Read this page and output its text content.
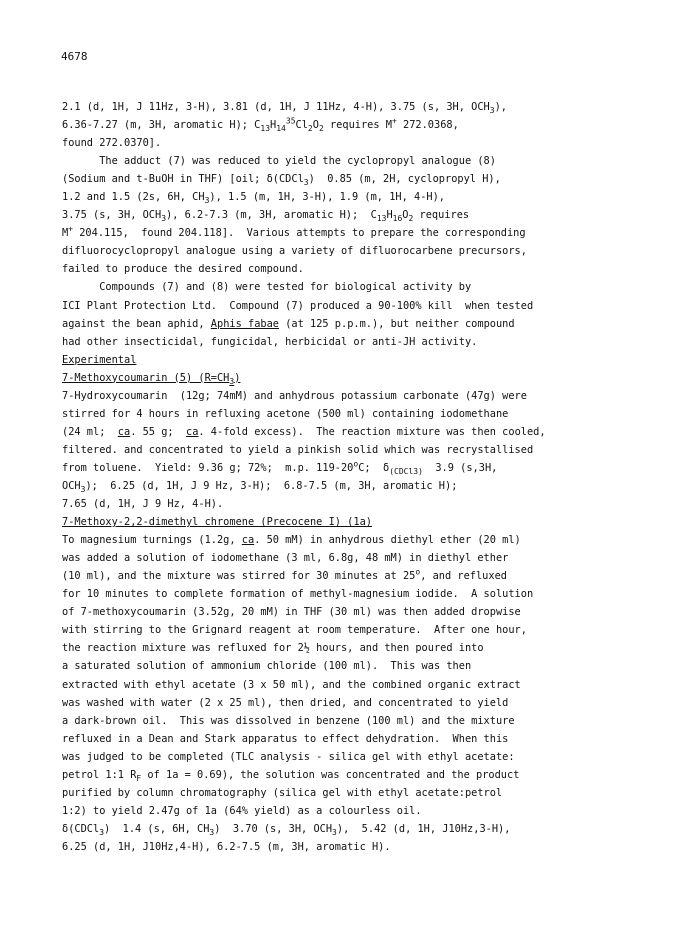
4678
2.1 (d, 1H, J 11Hz, 3-H), 3.81 (d, 1H, J 11Hz, 4-H), 3.75 (s, 3H, $OCH_3$),
6.36-7.27 (m, 3H, aromatic H); $C_{13}H_{14}^{35}Cl_2O_2$ requires M+ 272.0368,
found 272.0370].
The adduct (7) was reduced to yield the cyclopropyl analogue (8)
(Sodium and t-BuOH in THF) [oil; δ(CDCl$_3$)  0.85 (m, 2H, cyclopropyl H),
1.2 and 1.5 (2s, 6H, $CH_3$), 1.5 (m, 1H, 3-H), 1.9 (m, 1H, 4-H),
3.75 (s, 3H, $OCH_3$), 6.2-7.3 (m, 3H, aromatic H);  $C_{13}H_{16}O_2$ requires
M+ 204.115,  found 204.118].  Various attempts to prepare the corresponding
difluorocyclopropyl analogue using a variety of difluorocarbene precursors,
failed to produce the desired compound.
Compounds (7) and (8) were tested for biological activity by
ICI Plant Protection Ltd.  Compound (7) produced a 90-100% kill  when tested
against the bean aphid, Aphis fabae (at 125 p.p.m.), but neither compound
had other insecticidal, fungicidal, herbicidal or anti-JH activity.
Experimental
7-Methoxycoumarin (5) $(R=CH_3)$
7-Hydroxycoumarin  (12g; 74mM) and anhydrous potassium carbonate (47g) were
stirred for 4 hours in refluxing acetone (500 ml) containing iodomethane
(24 ml;  ca. 55 g;  ca. 4-fold excess).  The reaction mixture was then cooled,
filtered. and concentrated to yield a pinkish solid which was recrystallised
from toluene.  Yield: 9.36 g; 72%;  m.p. 119-20$^o$C;  $\delta_{(CDCl3)}$  3.9 (s,3H,
$OCH_3$);  6.25 (d, 1H, J 9 Hz, 3-H);  6.8-7.5 (m, 3H, aromatic H);
7.65 (d, 1H, J 9 Hz, 4-H).
7-Methoxy-2,2-dimethyl chromene (Precocene I) (1a)
To magnesium turnings (1.2g, ca. 50 mM) in anhydrous diethyl ether (20 ml)
was added a solution of iodomethane (3 ml, 6.8g, 48 mM) in diethyl ether
(10 ml), and the mixture was stirred for 30 minutes at 25$^o$, and refluxed
for 10 minutes to complete formation of methyl-magnesium iodide.  A solution
of 7-methoxycoumarin (3.52g, 20 mM) in THF (30 ml) was then added dropwise
with stirring to the Grignard reagent at room temperature.  After one hour,
the reaction mixture was refluxed for 2½ hours, and then poured into
a saturated solution of ammonium chloride (100 ml).  This was then
extracted with ethyl acetate (3 x 50 ml), and the combined organic extract
was washed with water (2 x 25 ml), then dried, and concentrated to yield
a dark-brown oil.  This was dissolved in benzene (100 ml) and the mixture
refluxed in a Dean and Stark apparatus to effect dehydration.  When this
was judged to be completed (TLC analysis - silica gel with ethyl acetate:
petrol 1:1 $R_F$ of 1a = 0.69), the solution was concentrated and the product
purified by column chromatography (silica gel with ethyl acetate:petrol
1:2) to yield 2.47g of 1a (64% yield) as a colourless oil.
δ(CDCl$_3$)  1.4 (s, 6H, $CH_3$)  3.70 (s, 3H, $OCH_3$),  5.42 (d, 1H, J10Hz,3-H),
6.25 (d, 1H, J10Hz,4-H), 6.2-7.5 (m, 3H, aromatic H).
